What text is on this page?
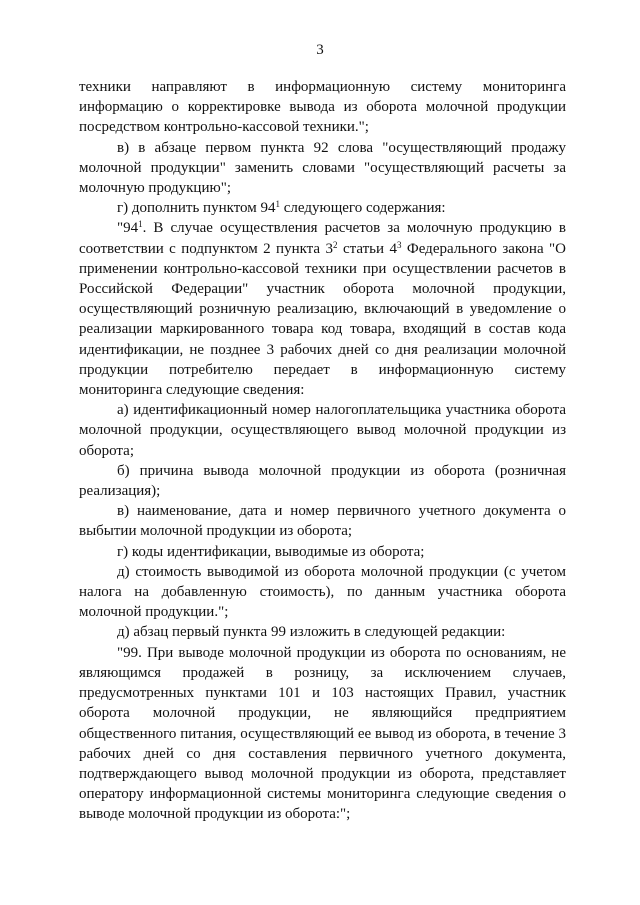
3

техники направляют в информационную систему мониторинга информацию о корректировке вывода из оборота молочной продукции посредством контрольно-кассовой техники.";

в) в абзаце первом пункта 92 слова "осуществляющий продажу молочной продукции" заменить словами "осуществляющий расчеты за молочную продукцию";

г) дополнить пунктом $94^1$ следующего содержания:

"$94^1$. В случае осуществления расчетов за молочную продукцию в соответствии с подпунктом 2 пункта $3^2$ статьи $4^3$ Федерального закона "О применении контрольно-кассовой техники при осуществлении расчетов в Российской Федерации" участник оборота молочной продукции, осуществляющий розничную реализацию, включающий в уведомление о реализации маркированного товара код товара, входящий в состав кода идентификации, не позднее 3 рабочих дней со дня реализации молочной продукции потребителю передает в информационную систему мониторинга следующие сведения:

а) идентификационный номер налогоплательщика участника оборота молочной продукции, осуществляющего вывод молочной продукции из оборота;

б) причина вывода молочной продукции из оборота (розничная реализация);

в) наименование, дата и номер первичного учетного документа о выбытии молочной продукции из оборота;

г) коды идентификации, выводимые из оборота;

д) стоимость выводимой из оборота молочной продукции (с учетом налога на добавленную стоимость), по данным участника оборота молочной продукции.";

д) абзац первый пункта 99 изложить в следующей редакции:

"99. При выводе молочной продукции из оборота по основаниям, не являющимся продажей в розницу, за исключением случаев, предусмотренных пунктами 101 и 103 настоящих Правил, участник оборота молочной продукции, не являющийся предприятием общественного питания, осуществляющий ее вывод из оборота, в течение 3 рабочих дней со дня составления первичного учетного документа, подтверждающего вывод молочной продукции из оборота, представляет оператору информационной системы мониторинга следующие сведения о выводе молочной продукции из оборота:";
